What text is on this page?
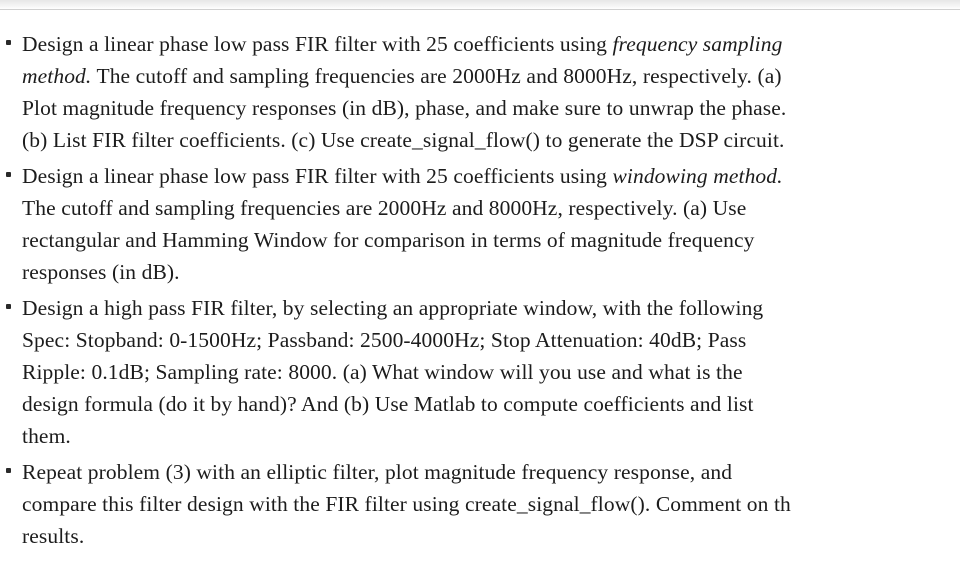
Design a linear phase low pass FIR filter with 25 coefficients using frequency sampling
method. The cutoff and sampling frequencies are 2000Hz and 8000Hz, respectively. (a)
Plot magnitude frequency responses (in dB), phase, and make sure to unwrap the phase.
(b) List FIR filter coefficients. (c) Use create_signal_flow() to generate the DSP circuit.
Design a linear phase low pass FIR filter with 25 coefficients using windowing method.
The cutoff and sampling frequencies are 2000Hz and 8000Hz, respectively. (a) Use
rectangular and Hamming Window for comparison in terms of magnitude frequency
responses (in dB).
Design a high pass FIR filter, by selecting an appropriate window, with the following
Spec: Stopband: 0-1500Hz; Passband: 2500-4000Hz; Stop Attenuation: 40dB; Pass
Ripple: 0.1dB; Sampling rate: 8000. (a) What window will you use and what is the
design formula (do it by hand)? And (b) Use Matlab to compute coefficients and list
them.
Repeat problem (3) with an elliptic filter, plot magnitude frequency response, and
compare this filter design with the FIR filter using create_signal_flow(). Comment on th
results.
